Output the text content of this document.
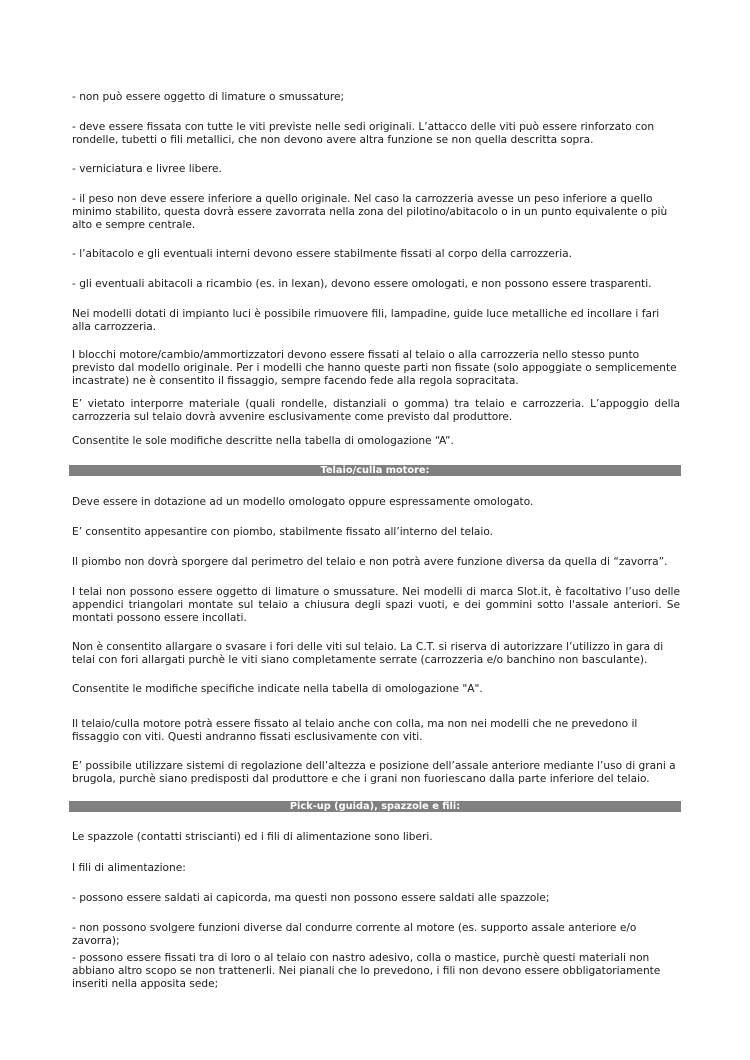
- non può essere oggetto di limature o smussature;

- deve essere fissata con tutte le viti previste nelle sedi originali. L’attacco delle viti può essere rinforzato con rondelle, tubetti o fili metallici, che non devono avere altra funzione se non quella descritta sopra.

- verniciatura e livree libere.

- il peso non deve essere inferiore a quello originale. Nel caso la carrozzeria avesse un peso inferiore a quello minimo stabilito, questa dovrà essere zavorrata nella zona del pilotino/abitacolo o in un punto equivalente o più alto e sempre centrale.

- l’abitacolo e gli eventuali interni devono essere stabilmente fissati al corpo della carrozzeria.

- gli eventuali abitacoli a ricambio (es. in lexan), devono essere omologati, e non possono essere trasparenti.

Nei modelli dotati di impianto luci è possibile rimuovere fili, lampadine, guide luce metalliche ed incollare i fari alla carrozzeria.

I blocchi motore/cambio/ammortizzatori devono essere fissati al telaio o alla carrozzeria nello stesso punto previsto dal modello originale. Per i modelli che hanno queste parti non fissate (solo appoggiate o semplicemente incastrate) ne è consentito il fissaggio, sempre facendo fede alla regola sopracitata.

E’ vietato interporre materiale (quali rondelle, distanziali o gomma) tra telaio e carrozzeria. L’appoggio della carrozzeria sul telaio dovrà avvenire esclusivamente come previsto dal produttore.

Consentite le sole modifiche descritte nella tabella di omologazione “A”.

Telaio/culla motore:

Deve essere in dotazione ad un modello omologato oppure espressamente omologato.

E’ consentito appesantire con piombo, stabilmente fissato all’interno del telaio.

Il piombo non dovrà sporgere dal perimetro del telaio e non potrà avere funzione diversa da quella di “zavorra”.

I telai non possono essere oggetto di limature o smussature. Nei modelli di marca Slot.it, è facoltativo l’uso delle appendici triangolari montate sul telaio a chiusura degli spazi vuoti, e dei gommini sotto l'assale anteriori. Se montati possono essere incollati.

Non è consentito allargare o svasare i fori delle viti sul telaio. La C.T. si riserva di autorizzare l’utilizzo in gara di telai con fori allargati purchè le viti siano completamente serrate (carrozzeria e/o banchino non basculante).

Consentite le modifiche specifiche indicate nella tabella di omologazione "A".

Il telaio/culla motore potrà essere fissato al telaio anche con colla, ma non nei modelli che ne prevedono il fissaggio con viti. Questi andranno fissati esclusivamente con viti.

E’ possibile utilizzare sistemi di regolazione dell’altezza e posizione dell’assale anteriore mediante l’uso di grani a brugola, purchè siano predisposti dal produttore e che i grani non fuoriescano dalla parte inferiore del telaio.

Pick-up (guida), spazzole e fili:

Le spazzole (contatti striscianti) ed i fili di alimentazione sono liberi.

I fili di alimentazione:

- possono essere saldati ai capicorda, ma questi non possono essere saldati alle spazzole;

- non possono svolgere funzioni diverse dal condurre corrente al motore (es. supporto assale anteriore e/o zavorra);

- possono essere fissati tra di loro o al telaio con nastro adesivo, colla o mastice, purchè questi materiali non abbiano altro scopo se non trattenerli. Nei pianali che lo prevedono, i fili non devono essere obbligatoriamente inseriti nella apposita sede;
